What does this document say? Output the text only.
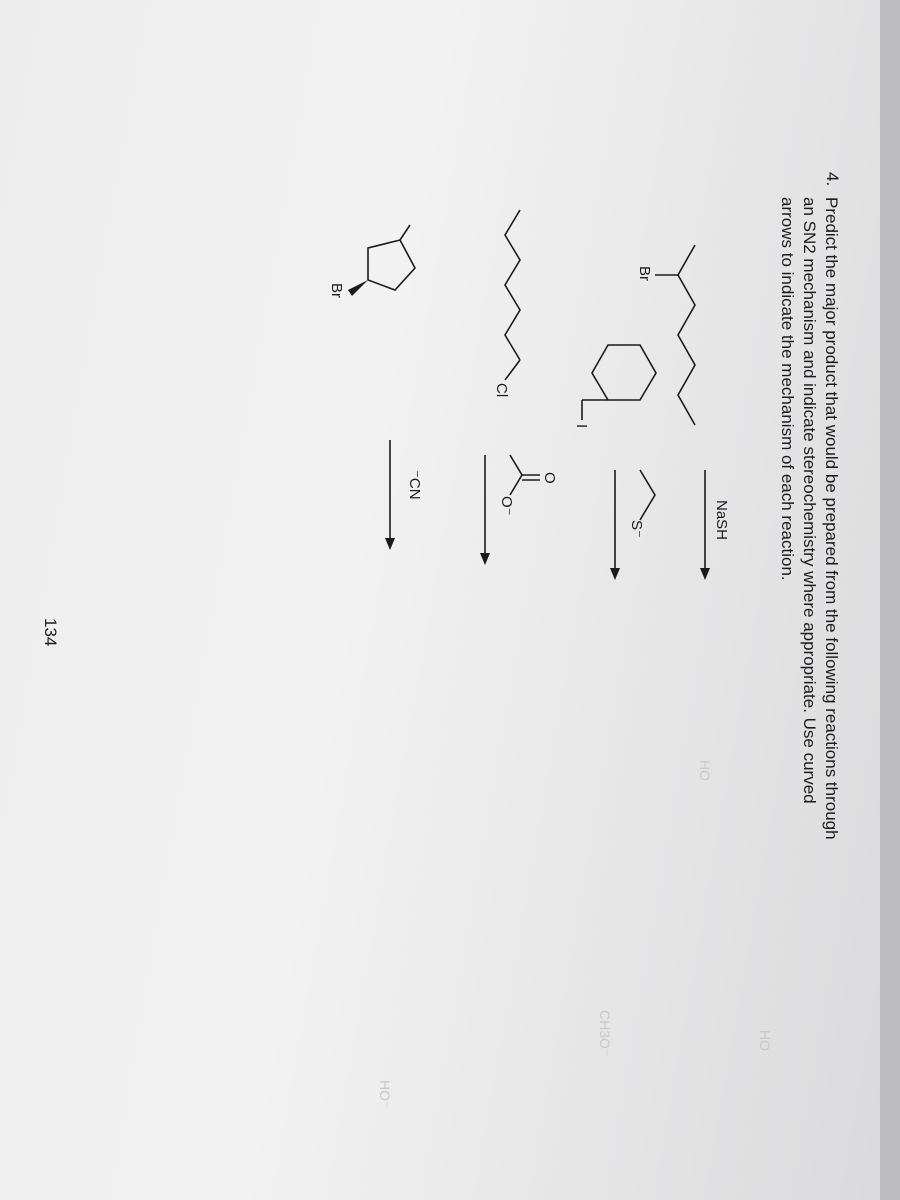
4.

Predict the major product that would be prepared from the following reactions through an SN2 mechanism and indicate stereochemistry where appropriate. Use curved arrows to indicate the mechanism of each reaction.

HO
HO
CH3O⁻
HO⁻
Br
NaSH
I
S⁻
Cl
O
O⁻
Br
⁻CN

134
